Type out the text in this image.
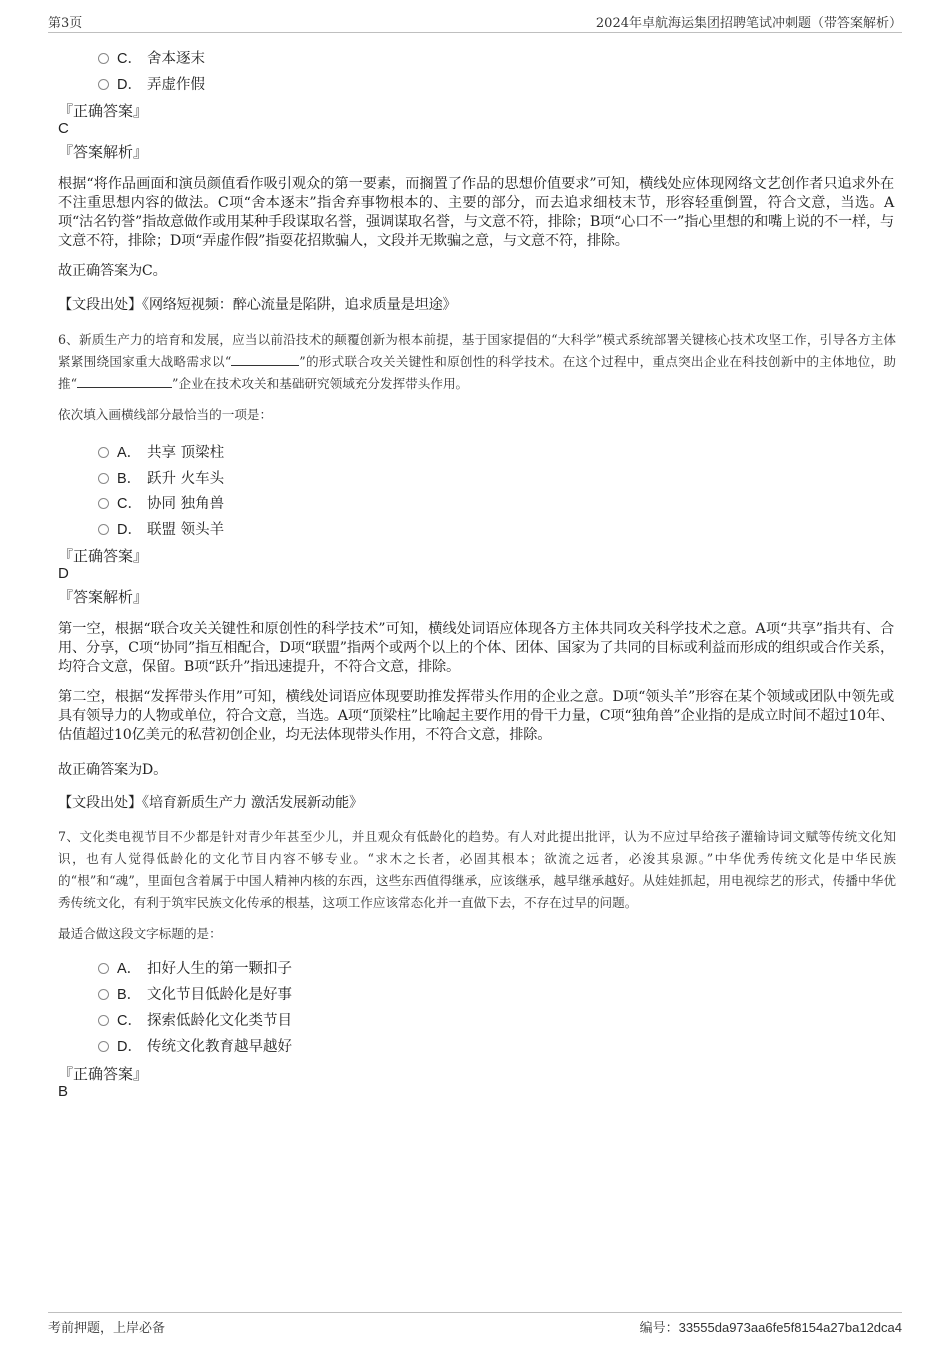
第3页	2024年卓航海运集团招聘笔试冲刺题（带答案解析）
C． 舍本逐末
D． 弄虚作假
『正确答案』
C
『答案解析』
根据“将作品画面和演员颜值看作吸引观众的第一要素，而搁置了作品的思想价值要求”可知，横线处应体现网络文艺创作者只追求外在不注重思想内容的做法。C项“舍本逐末”指舍弃事物根本的、主要的部分，而去追求细枝末节，形容轻重倒置，符合文意，当选。A项“沽名钓誉”指故意做作或用某种手段谋取名誉，强调谋取名誉，与文意不符，排除；B项“心口不一”指心里想的和嘴上说的不一样，与文意不符，排除；D项“弄虚作假”指耍花招欺骗人，文段并无欺骗之意，与文意不符，排除。
故正确答案为C。
【文段出处】《网络短视频：醉心流量是陷阱，追求质量是坦途》
6、新质生产力的培育和发展，应当以前沿技术的颠覆创新为根本前提，基于国家提倡的“大科学”模式系统部署关键核心技术攻坚工作，引导各方主体紧紧围绕国家重大战略需求以“	”的形式联合攻关关键性和原创性的科学技术。在这个过程中，重点突出企业在科技创新中的主体地位，助推“	”企业在技术攻关和基础研究领域充分发挥带头作用。
依次填入画横线部分最恰当的一项是：
A． 共享 顶梁柱
B． 跃升 火车头
C． 协同 独角兽
D． 联盟 领头羊
『正确答案』
D
『答案解析』
第一空，根据“联合攻关关键性和原创性的科学技术”可知，横线处词语应体现各方主体共同攻关科学技术之意。A项“共享”指共有、合用、分享，C项“协同”指互相配合，D项“联盟”指两个或两个以上的个体、团体、国家为了共同的目标或利益而形成的组织或合作关系，均符合文意，保留。B项“跃升”指迅速提升，不符合文意，排除。
第二空，根据“发挥带头作用”可知，横线处词语应体现要助推发挥带头作用的企业之意。D项“领头羊”形容在某个领域或团队中领先或具有领导力的人物或单位，符合文意，当选。A项“顶梁柱”比喻起主要作用的骨干力量，C项“独角兽”企业指的是成立时间不超过10年、估值超过10亿美元的私营初创企业，均无法体现带头作用，不符合文意，排除。
故正确答案为D。
【文段出处】《培育新质生产力 激活发展新动能》
7、文化类电视节目不少都是针对青少年甚至少儿，并且观众有低龄化的趋势。有人对此提出批评，认为不应过早给孩子灌输诗词文赋等传统文化知识，也有人觉得低龄化的文化节目内容不够专业。“求木之长者，必固其根本；欲流之远者，必浚其泉源。”中华优秀传统文化是中华民族的“根”和“魂”，里面包含着属于中国人精神内核的东西，这些东西值得继承，应该继承，越早继承越好。从娃娃抓起，用电视综艺的形式，传播中华优秀传统文化，有利于筑牢民族文化传承的根基，这项工作应该常态化并一直做下去，不存在过早的问题。
最适合做这段文字标题的是：
A． 扣好人生的第一颗扣子
B． 文化节目低龄化是好事
C． 探索低龄化文化类节目
D． 传统文化教育越早越好
『正确答案』
B
考前押题，上岸必备	编号：33555da973aa6fe5f8154a27ba12dca4
